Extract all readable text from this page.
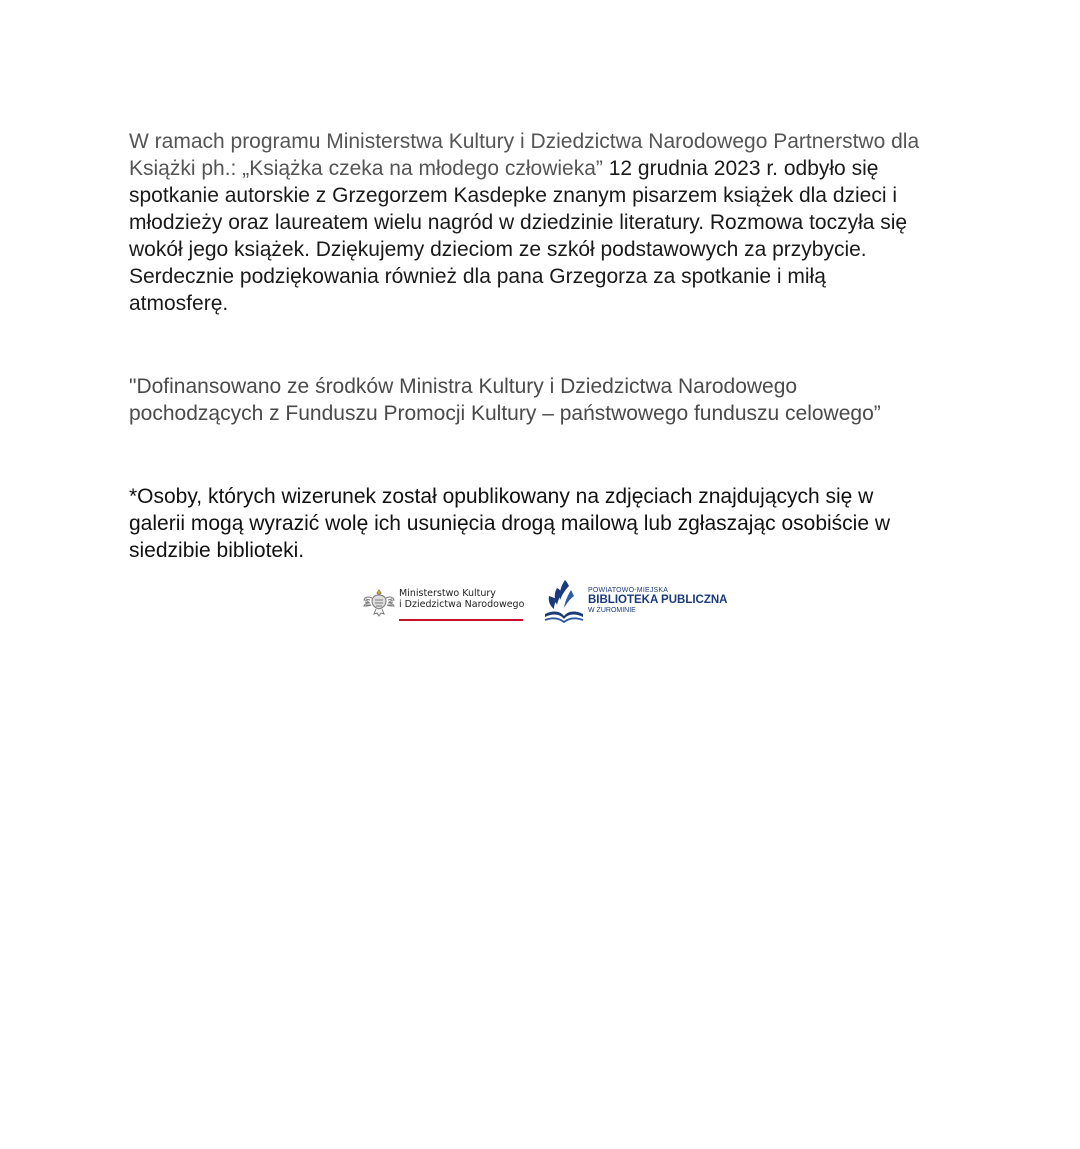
W ramach programu Ministerstwa Kultury i Dziedzictwa Narodowego Partnerstwo dla
Książki ph.: „Książka czeka na młodego człowieka” 12 grudnia 2023 r. odbyło się
spotkanie autorskie z Grzegorzem Kasdepke znanym pisarzem książek dla dzieci i
młodzieży oraz laureatem wielu nagród w dziedzinie literatury. Rozmowa toczyła się
wokół jego książek. Dziękujemy dzieciom ze szkół podstawowych za przybycie.
Serdecznie podziękowania również dla pana Grzegorza za spotkanie i miłą
atmosferę.

"Dofinansowano ze środków Ministra Kultury i Dziedzictwa Narodowego
pochodzących z Funduszu Promocji Kultury – państwowego funduszu celowego”

*Osoby, których wizerunek został opublikowany na zdjęciach znajdujących się w
galerii mogą wyrazić wolę ich usunięcia drogą mailową lub zgłaszając osobiście w
siedzibie biblioteki.

Ministerstwo Kultury
i Dziedzictwa Narodowego
POWIATOWO-MIEJSKA
BIBLIOTEKA PUBLICZNA
W ŻUROMINIE
